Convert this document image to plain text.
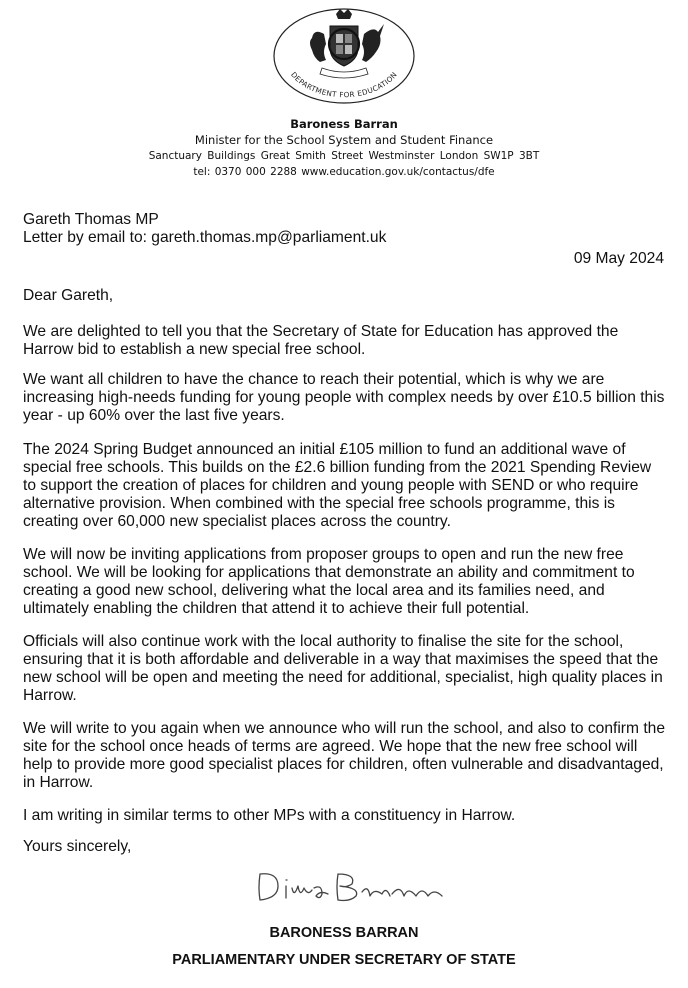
DEPARTMENT FOR EDUCATION
Baroness Barran
Minister for the School System and Student Finance
Sanctuary Buildings Great Smith Street Westminster London SW1P 3BT
tel: 0370 000 2288 www.education.gov.uk/contactus/dfe
Gareth Thomas MP
Letter by email to: gareth.thomas.mp@parliament.uk
09 May 2024
Dear Gareth,

We are delighted to tell you that the Secretary of State for Education has approved the Harrow bid to establish a new special free school.

We want all children to have the chance to reach their potential, which is why we are increasing high-needs funding for young people with complex needs by over £10.5 billion this year - up 60% over the last five years.

The 2024 Spring Budget announced an initial £105 million to fund an additional wave of special free schools. This builds on the £2.6 billion funding from the 2021 Spending Review to support the creation of places for children and young people with SEND or who require alternative provision. When combined with the special free schools programme, this is creating over 60,000 new specialist places across the country.

We will now be inviting applications from proposer groups to open and run the new free school. We will be looking for applications that demonstrate an ability and commitment to creating a good new school, delivering what the local area and its families need, and ultimately enabling the children that attend it to achieve their full potential.

Officials will also continue work with the local authority to finalise the site for the school, ensuring that it is both affordable and deliverable in a way that maximises the speed that the new school will be open and meeting the need for additional, specialist, high quality places in Harrow.

We will write to you again when we announce who will run the school, and also to confirm the site for the school once heads of terms are agreed. We hope that the new free school will help to provide more good specialist places for children, often vulnerable and disadvantaged, in Harrow.

I am writing in similar terms to other MPs with a constituency in Harrow.

Yours sincerely,
BARONESS BARRAN
PARLIAMENTARY UNDER SECRETARY OF STATE
